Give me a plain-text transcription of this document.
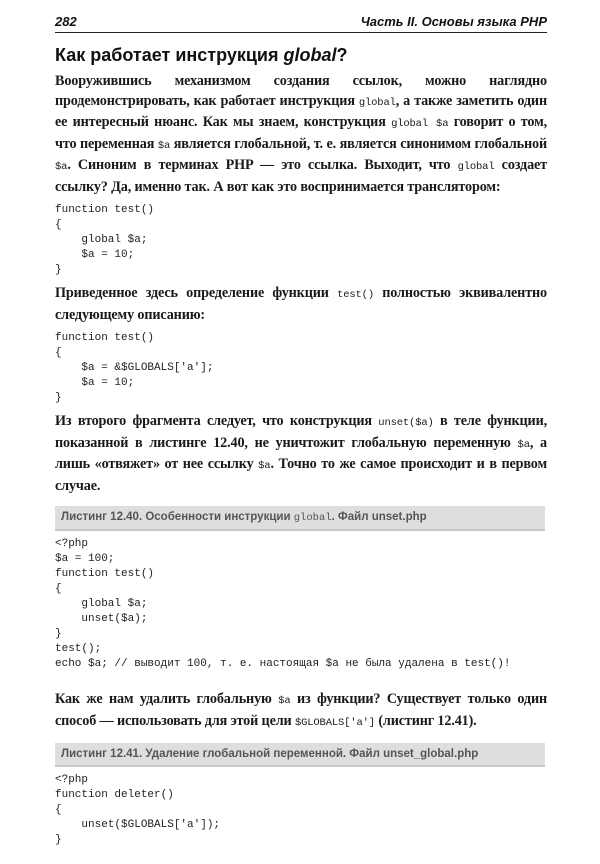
282	Часть II. Основы языка PHP
Как работает инструкция global?

Вооружившись механизмом создания ссылок, можно наглядно продемонстрировать, как работает инструкция global, а также заметить один ее интересный нюанс. Как мы знаем, конструкция global $a говорит о том, что переменная $a является глобальной, т. е. является синонимом глобальной $a. Синоним в терминах PHP — это ссылка. Выходит, что global создает ссылку? Да, именно так. А вот как это воспринимается транслятором:

function test()
{
global $a;
$a = 10;
}

Приведенное здесь определение функции test() полностью эквивалентно следующему описанию:

function test()
{
$a = &$GLOBALS['a'];
$a = 10;
}

Из второго фрагмента следует, что конструкция unset($a) в теле функции, показанной в листинге 12.40, не уничтожит глобальную переменную $a, а лишь «отвяжет» от нее ссылку $a. Точно то же самое происходит и в первом случае.

Листинг 12.40. Особенности инструкции global. Файл unset.php
<?php
$a = 100;
function test()
{
global $a;
unset($a);
}
test();
echo $a; // выводит 100, т. е. настоящая $a не была удалена в test()!

Как же нам удалить глобальную $a из функции? Существует только один способ — использовать для этой цели $GLOBALS['a'] (листинг 12.41).

Листинг 12.41. Удаление глобальной переменной. Файл unset_global.php
<?php
function deleter()
{
unset($GLOBALS['a']);
}
